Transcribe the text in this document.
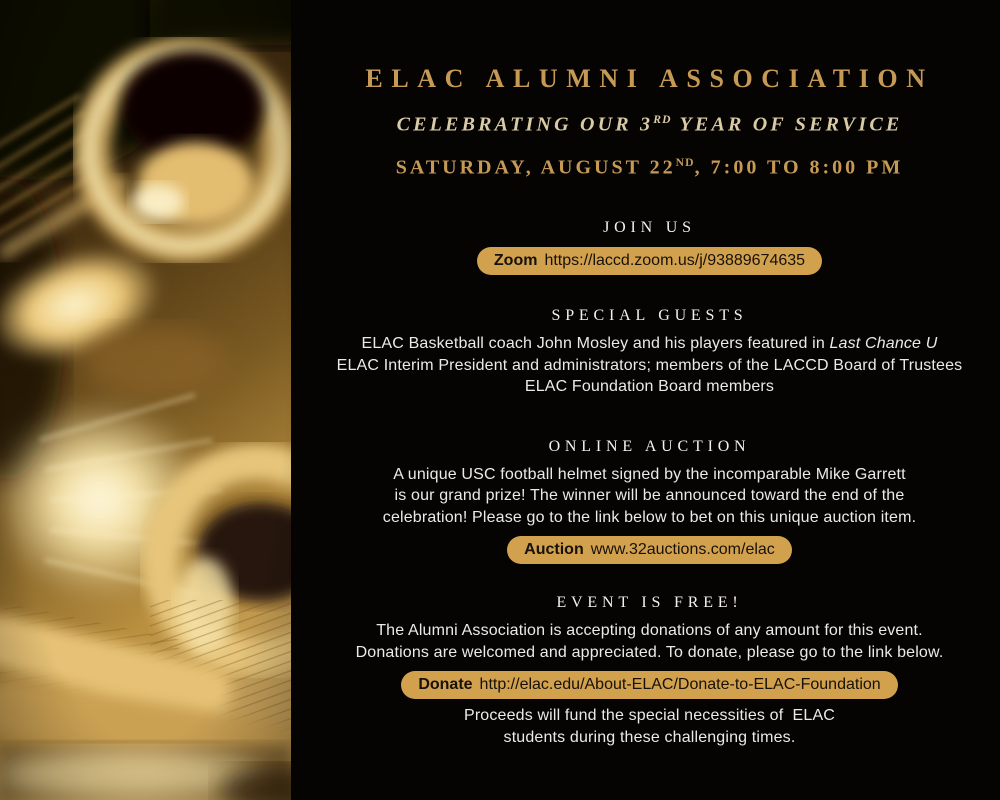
ELAC ALUMNI ASSOCIATION
CELEBRATING OUR 3RD YEAR OF SERVICE
SATURDAY, AUGUST 22ND, 7:00 TO 8:00 PM
JOIN US
Zoom https://laccd.zoom.us/j/93889674635
SPECIAL GUESTS
ELAC Basketball coach John Mosley and his players featured in Last Chance U
ELAC Interim President and administrators; members of the LACCD Board of Trustees
ELAC Foundation Board members
ONLINE AUCTION
A unique USC football helmet signed by the incomparable Mike Garrett
is our grand prize! The winner will be announced toward the end of the
celebration! Please go to the link below to bet on this unique auction item.
Auction www.32auctions.com/elac
EVENT IS FREE!
The Alumni Association is accepting donations of any amount for this event.
Donations are welcomed and appreciated. To donate, please go to the link below.
Donate http://elac.edu/About-ELAC/Donate-to-ELAC-Foundation
Proceeds will fund the special necessities of  ELAC
students during these challenging times.
